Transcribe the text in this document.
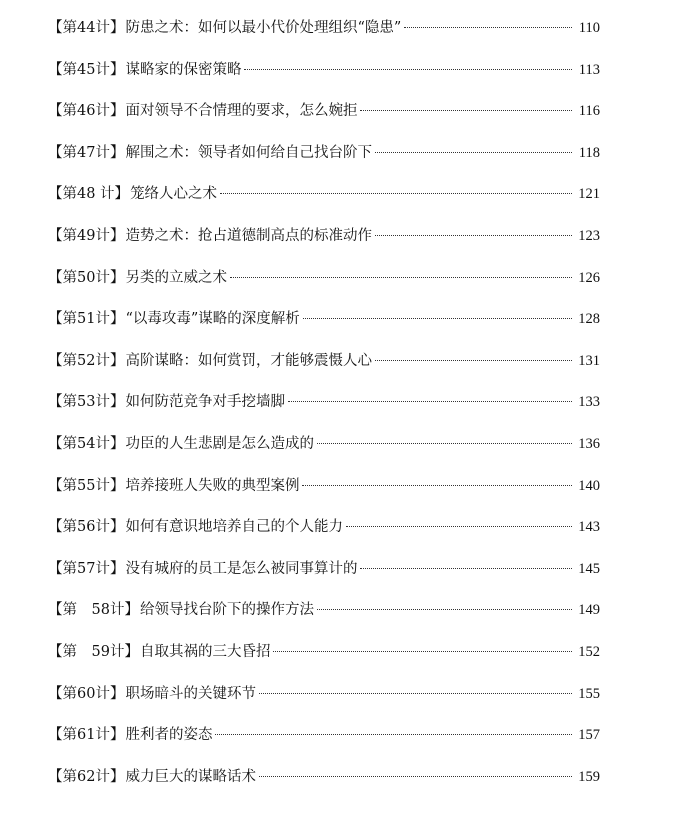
【第44计】 防患之术：如何以最小代价处理组织“隐患”	110
【第45计】 谋略家的保密策略	113
【第46计】 面对领导不合情理的要求，怎么婉拒	116
【第47计】 解围之术：领导者如何给自己找台阶下	118
【第48 计】 笼络人心之术	121
【第49计】 造势之术：抢占道德制高点的标准动作	123
【第50计】 另类的立威之术	126
【第51计】 “以毒攻毒”谋略的深度解析	128
【第52计】 高阶谋略：如何赏罚，才能够震慑人心	131
【第53计】 如何防范竞争对手挖墙脚	133
【第54计】 功臣的人生悲剧是怎么造成的	136
【第55计】 培养接班人失败的典型案例	140
【第56计】 如何有意识地培养自己的个人能力	143
【第57计】 没有城府的员工是怎么被同事算计的	145
【第　58计】 给领导找台阶下的操作方法	149
【第　59计】 自取其祸的三大昏招	152
【第60计】 职场暗斗的关键环节	155
【第61计】 胜利者的姿态	157
【第62计】 威力巨大的谋略话术	159
